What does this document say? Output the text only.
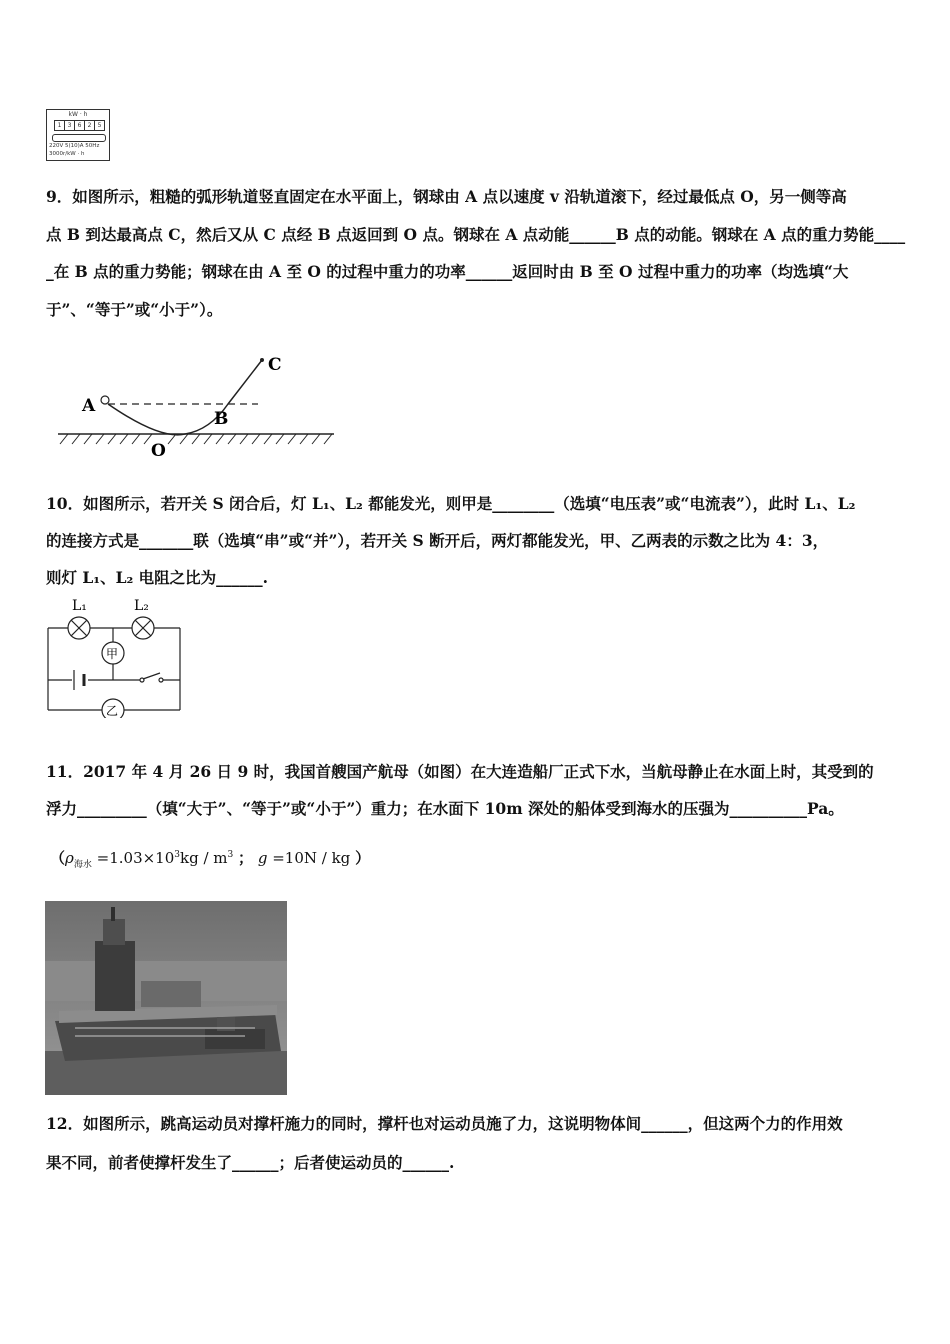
kW · h
1	3	6	2	5
220V 5(10)A 50Hz
3000r/kW · h
9．如图所示，粗糙的弧形轨道竖直固定在水平面上，钢球由 A 点以速度 v 沿轨道滚下，经过最低点 O，另一侧等高
点 B 到达最高点 C，然后又从 C 点经 B 点返回到 O 点。钢球在 A 点动能______B 点的动能。钢球在 A 点的重力势能____
_在 B 点的重力势能；钢球在由 A 至 O 的过程中重力的功率______返回时由 B 至 O 过程中重力的功率（均选填“大
于”、“等于”或“小于”）。
A
B
C
O
10．如图所示，若开关 S 闭合后，灯 L₁、L₂ 都能发光，则甲是________（选填“电压表”或“电流表”），此时 L₁、L₂
的连接方式是_______联（选填“串”或“并”），若开关 S 断开后，两灯都能发光，甲、乙两表的示数之比为 4：3，
则灯 L₁、L₂ 电阻之比为______.
L₁	L₂
甲
乙
11．2017 年 4 月 26 日 9 时，我国首艘国产航母（如图）在大连造船厂正式下水，当航母静止在水面上时，其受到的
浮力_________（填“大于”、“等于”或“小于”）重力；在水面下 10m 深处的船体受到海水的压强为__________Pa。
（$\rho_{海水} =1.03\times 10^3kg / m^3$ ； g =10N / kg ）
12．如图所示，跳高运动员对撑杆施力的同时，撑杆也对运动员施了力，这说明物体间______，但这两个力的作用效
果不同，前者使撑杆发生了______；后者使运动员的______.
